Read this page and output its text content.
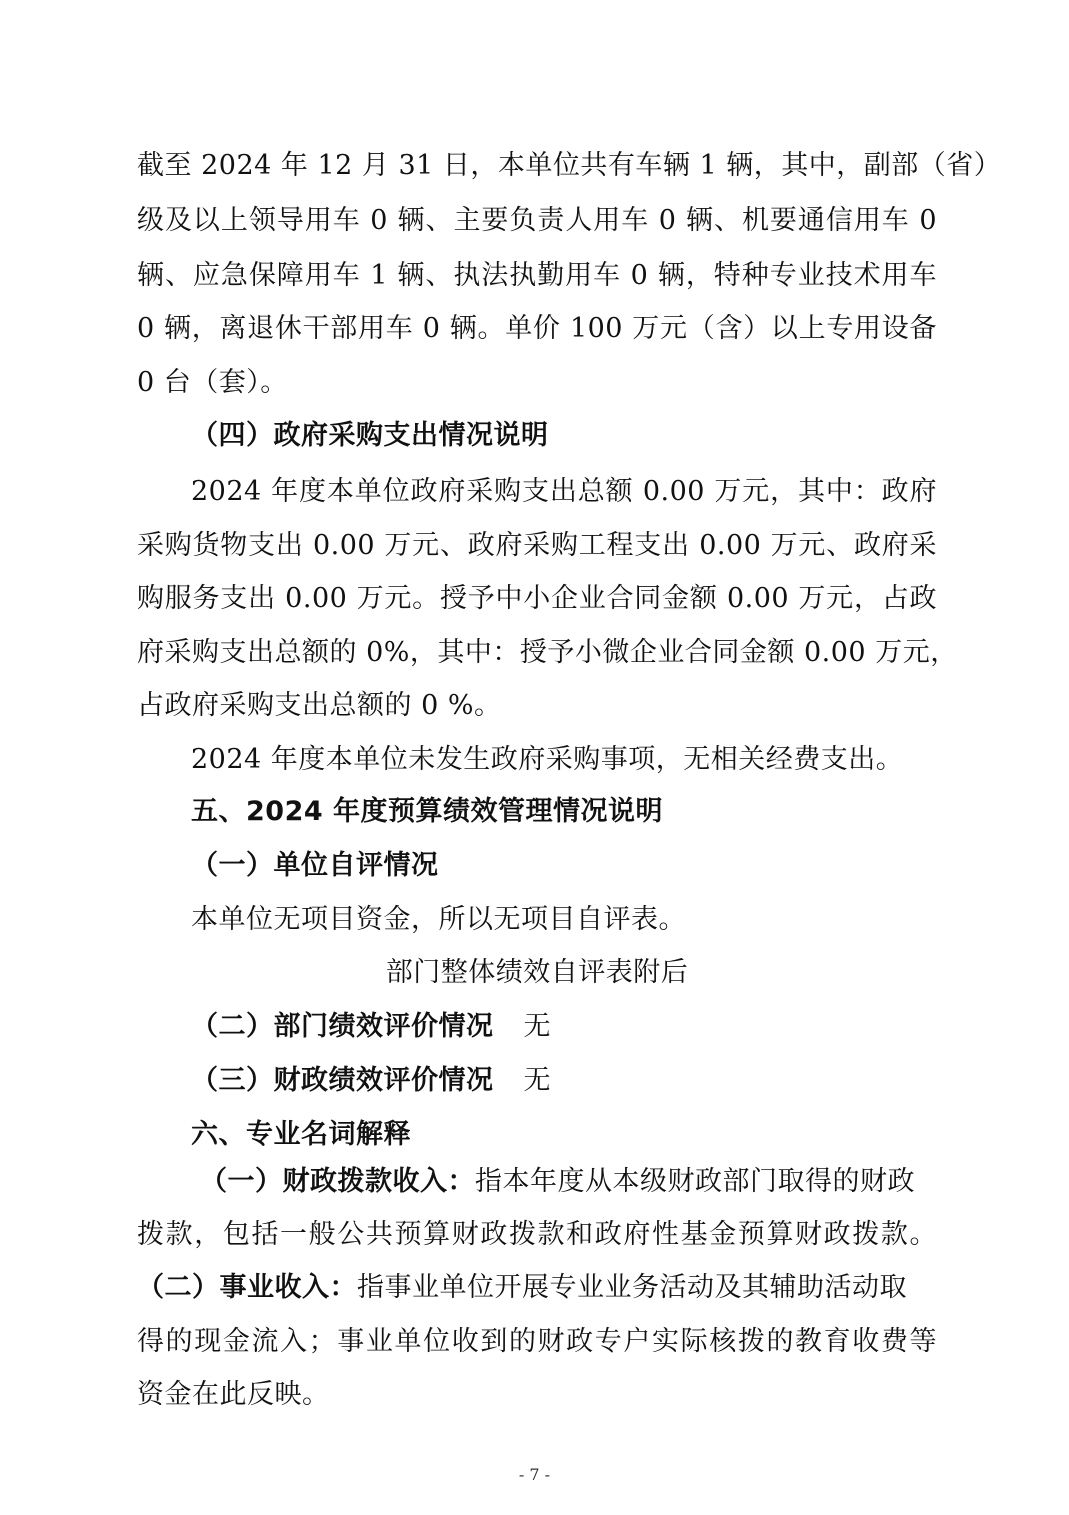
截至 2024 年 12 月 31 日，本单位共有车辆 1 辆，其中，副部（省）
级及以上领导用车 0 辆、主要负责人用车 0 辆、机要通信用车 0
辆、应急保障用车 1 辆、执法执勤用车 0 辆，特种专业技术用车
0 辆，离退休干部用车 0 辆。单价 100 万元（含）以上专用设备
0 台（套）。
（四）政府采购支出情况说明
2024 年度本单位政府采购支出总额 0.00 万元，其中：政府
采购货物支出 0.00 万元、政府采购工程支出 0.00 万元、政府采
购服务支出 0.00 万元。授予中小企业合同金额 0.00 万元，占政
府采购支出总额的 0%，其中：授予小微企业合同金额 0.00 万元，
占政府采购支出总额的 0 %。
2024 年度本单位未发生政府采购事项，无相关经费支出。
五、2024 年度预算绩效管理情况说明
（一）单位自评情况
本单位无项目资金，所以无项目自评表。
部门整体绩效自评表附后
（二）部门绩效评价情况 无
（三）财政绩效评价情况 无
六、专业名词解释
（一）财政拨款收入：指本年度从本级财政部门取得的财政
拨款，包括一般公共预算财政拨款和政府性基金预算财政拨款。
（二）事业收入：指事业单位开展专业业务活动及其辅助活动取
得的现金流入；事业单位收到的财政专户实际核拨的教育收费等
资金在此反映。
- 7 -
